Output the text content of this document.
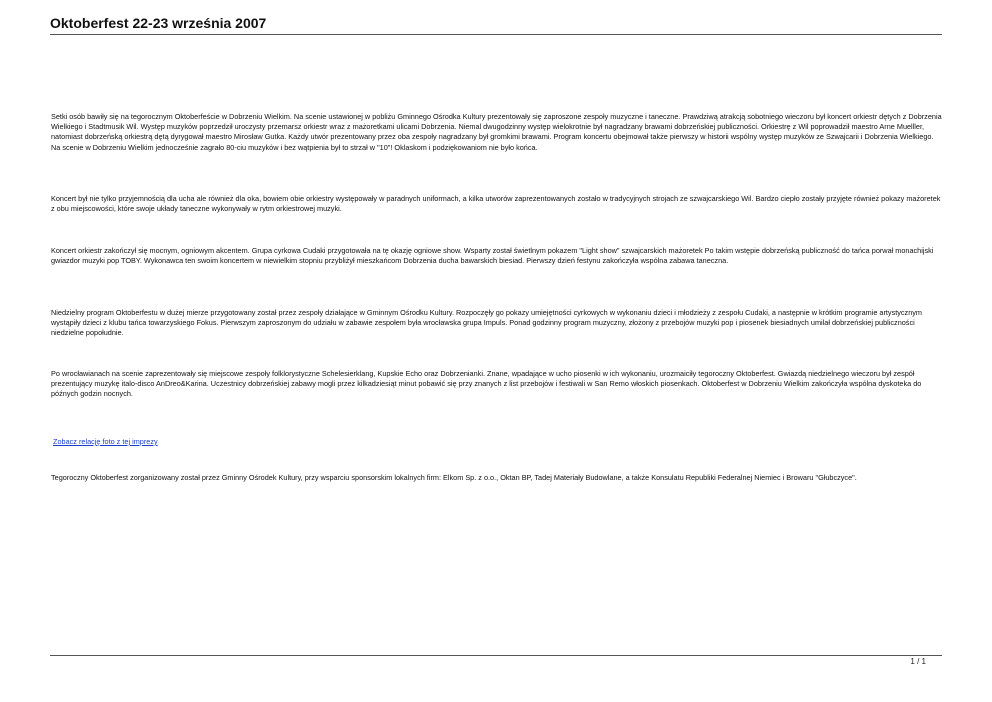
Oktoberfest 22-23 września 2007

Setki osób bawiły się na tegorocznym Oktoberfeście w Dobrzeniu Wielkim. Na scenie ustawionej w pobliżu Gminnego Ośrodka Kultury prezentowały się zaproszone zespoły muzyczne i taneczne. Prawdziwą atrakcją sobotniego wieczoru był koncert orkiestr dętych z Dobrzenia Wielkiego i Stadtmusik Wil. Występ muzyków poprzedził uroczysty przemarsz orkiestr wraz z mażoretkami ulicami Dobrzenia. Niemal dwugodzinny występ wielokrotnie był nagradzany brawami dobrzeńskiej publiczności. Orkiestrę z Wil poprowadził maestro Arne Muelller, natomiast dobrzeńską orkiestrą dętą dyrygował maestro Mirosław Gutka. Każdy utwór prezentowany przez oba zespoły nagradzany był gromkimi brawami. Program koncertu obejmował także pierwszy w historii wspólny występ muzyków ze Szwajcarii i Dobrzenia Wielkiego. Na scenie w Dobrzeniu Wielkim jednocześnie zagrało 80-ciu muzyków i bez wątpienia był to strzał w "10"! Oklaskom i podziękowaniom nie było końca.

Koncert był nie tylko przyjemnością dla ucha ale również dla oka, bowiem obie orkiestry występowały w paradnych uniformach, a kilka utworów zaprezentowanych zostało w tradycyjnych strojach ze szwajcarskiego Wil. Bardzo ciepło zostały przyjęte również pokazy mażoretek z obu miejscowości, które swoje układy taneczne wykonywały w rytm orkiestrowej muzyki.

Koncert orkiestr zakończył się mocnym, ogniowym akcentem. Grupa cyrkowa Cudaki przygotowała na tę okazję ogniowe show. Wsparty został świetlnym pokazem "Light show" szwajcarskich mażoretek Po takim wstępie dobrzeńską publiczność do tańca porwał monachijski gwiazdor muzyki pop TOBY. Wykonawca ten swoim koncertem w niewielkim stopniu przybliżył mieszkańcom Dobrzenia ducha bawarskich biesiad. Pierwszy dzień festynu zakończyła wspólna zabawa taneczna.

Niedzielny program Oktoberfestu w dużej mierze przygotowany został przez zespoły działające w Gminnym Ośrodku Kultury. Rozpoczęły go pokazy umiejętności cyrkowych w wykonaniu dzieci i młodzieży z zespołu Cudaki, a następnie w krótkim programie artystycznym wystąpiły dzieci z klubu tańca towarzyskiego Fokus. Pierwszym zaproszonym do udziału w zabawie zespołem była wrocławska grupa Impuls. Ponad godzinny program muzyczny, złożony z przebojów muzyki pop i piosenek biesiadnych umilał dobrzeńskiej publiczności niedzielne popołudnie.

Po wrocławianach na scenie zaprezentowały się miejscowe zespoły folklorystyczne Schelesierklang, Kupskie Echo oraz Dobrzenianki. Znane, wpadające w ucho piosenki w ich wykonaniu, urozmaiciły tegoroczny Oktoberfest. Gwiazdą niedzielnego wieczoru był zespół prezentujący muzykę italo-disco AnDreo&Karina. Uczestnicy dobrzeńskiej zabawy mogli przez kilkadziesiąt minut pobawić się przy znanych z list przebojów i festiwali w San Remo włoskich piosenkach. Oktoberfest w Dobrzeniu Wielkim zakończyła wspólna dyskoteka do późnych godzin nocnych.

Zobacz relację foto z tej imprezy

Tegoroczny Oktoberfest zorganizowany został przez Gminny Ośrodek Kultury, przy wsparciu sponsorskim lokalnych firm: Elkom Sp. z o.o., Oktan BP, Tadej Materiały Budowlane, a także Konsulatu Republiki Federalnej Niemiec i Browaru "Głubczyce".

1 / 1
